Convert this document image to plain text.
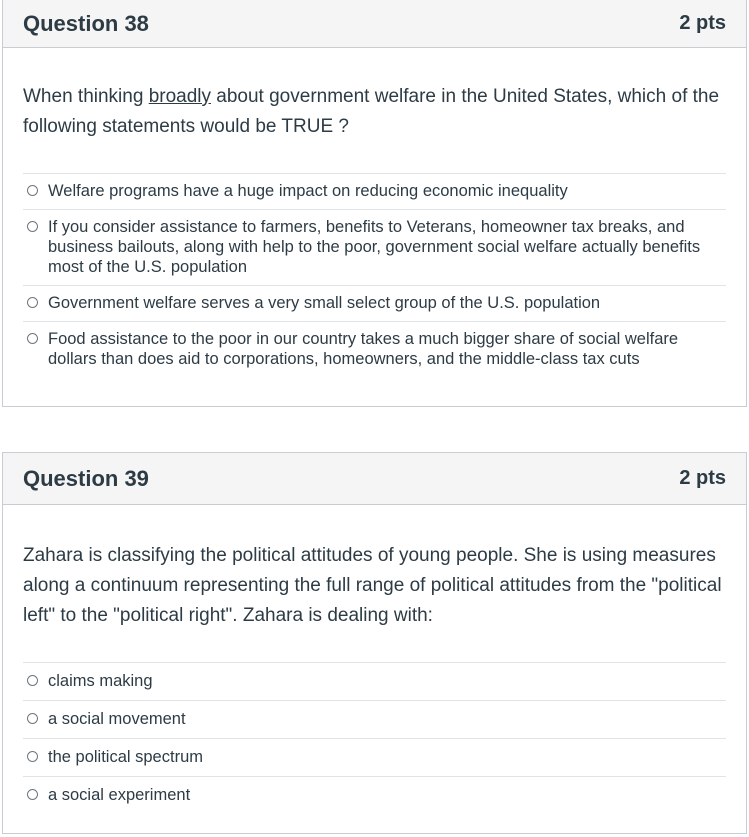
Question 38	2 pts
When thinking broadly about government welfare in the United States, which of the following statements would be TRUE ?
Welfare programs have a huge impact on reducing economic inequality
If you consider assistance to farmers, benefits to Veterans, homeowner tax breaks, and business bailouts, along with help to the poor, government social welfare actually benefits most of the U.S. population
Government welfare serves a very small select group of the U.S. population
Food assistance to the poor in our country takes a much bigger share of social welfare dollars than does aid to corporations, homeowners, and the middle-class tax cuts
Question 39	2 pts
Zahara is classifying the political attitudes of young people. She is using measures along a continuum representing the full range of political attitudes from the "political left" to the "political right". Zahara is dealing with:
claims making
a social movement
the political spectrum
a social experiment
